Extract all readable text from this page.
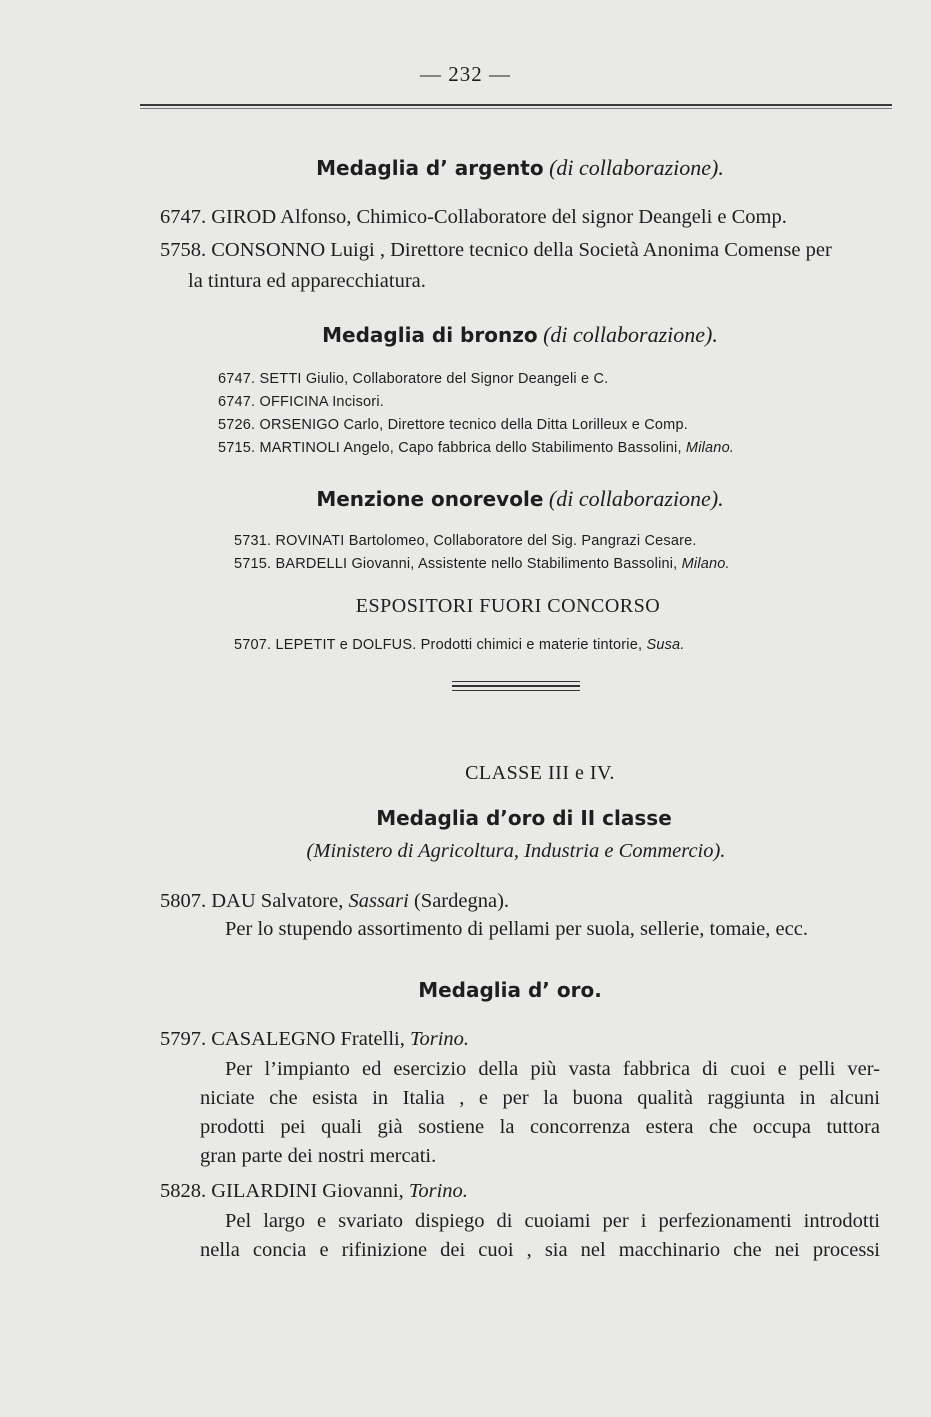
— 232 —
Medaglia d’ argento (di collaborazione).
6747. GIROD Alfonso, Chimico-Collaboratore del signor Deangeli e Comp.
5758. CONSONNO Luigi , Direttore tecnico della Società Anonima Comense per
la tintura ed apparecchiatura.
Medaglia di bronzo (di collaborazione).
6747. SETTI Giulio, Collaboratore del Signor Deangeli e C.
6747. OFFICINA Incisori.
5726. ORSENIGO Carlo, Direttore tecnico della Ditta Lorilleux e Comp.
5715. MARTINOLI Angelo, Capo fabbrica dello Stabilimento Bassolini, Milano.
Menzione onorevole (di collaborazione).
5731. ROVINATI Bartolomeo, Collaboratore del Sig. Pangrazi Cesare.
5715. BARDELLI Giovanni, Assistente nello Stabilimento Bassolini, Milano.
ESPOSITORI FUORI CONCORSO
5707. LEPETIT e DOLFUS. Prodotti chimici e materie tintorie, Susa.
CLASSE III e IV.
Medaglia d’oro di II classe
(Ministero di Agricoltura, Industria e Commercio).
5807. DAU Salvatore, Sassari (Sardegna).
Per lo stupendo assortimento di pellami per suola, sellerie, tomaie, ecc.
Medaglia d’ oro.
5797. CASALEGNO Fratelli, Torino.
Per l’impianto ed esercizio della più vasta fabbrica di cuoi e pelli ver-
niciate che esista in Italia , e per la buona qualità raggiunta in alcuni
prodotti pei quali già sostiene la concorrenza estera che occupa tuttora
gran parte dei nostri mercati.
5828. GILARDINI Giovanni, Torino.
Pel largo e svariato dispiego di cuoiami per i perfezionamenti introdotti
nella concia e rifinizione dei cuoi , sia nel macchinario che nei processi
